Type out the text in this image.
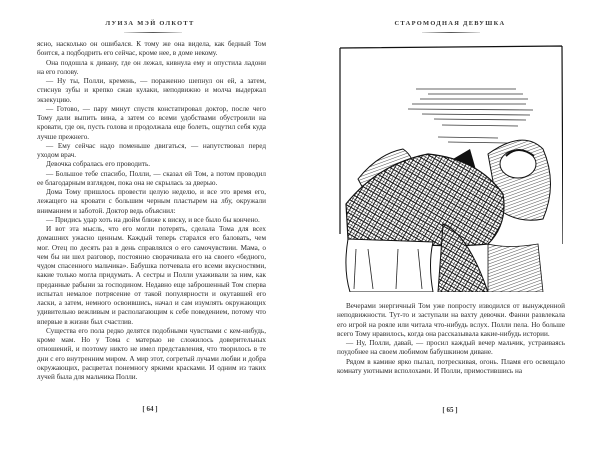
ЛУИЗА МЭЙ ОЛКОТТ

ясно, насколько он ошибался. К тому же она видела, как бедный Том боится, а подбодрить его сейчас, кроме нее, в доме некому.

Она подошла к дивану, где он лежал, кивнула ему и опустила ладони на его голову.

— Ну ты, Полли, кремень, — пораженно шепнул он ей, а затем, стиснув зубы и крепко сжав кулаки, неподвижно и молча выдержал экзекуцию.

— Готово, — пару минут спустя констатировал доктор, после чего Тому дали выпить вина, а затем со всеми удобствами обустроили на кровати, где он, пусть голова и продолжала еще болеть, ощутил себя куда лучше прежнего.

— Ему сейчас надо поменьше двигаться, — напутствовал перед уходом врач.

Девочка собралась его проводить.

— Большое тебе спасибо, Полли, — сказал ей Том, а потом проводил ее благодарным взглядом, пока она не скрылась за дверью.

Дома Тому пришлось провести целую неделю, и все это время его, лежащего на кровати с большим черным пластырем на лбу, окружали вниманием и заботой. Доктор ведь объяснил:

— Придись удар хоть на дюйм ближе к виску, и все было бы кончено.

И вот эта мысль, что его могли потерять, сделала Тома для всех домашних ужасно ценным. Каждый теперь старался его баловать, чем мог. Отец по десять раз в день справлялся о его самочувствии. Мама, о чем бы ни шел разговор, постоянно сворачивала его на своего «бедного, чудом спасенного мальчика». Бабушка потчевала его всеми вкусностями, какие только могла придумать. А сестры и Полли ухаживали за ним, как преданные рабыни за господином. Недавно еще заброшенный Том сперва испытал немалое потрясение от такой популярности и окутавшей его ласки, а затем, немного освоившись, начал и сам изумлять окружающих удивительно вежливым и располагающим к себе поведением, потому что впервые в жизни был счастлив.

Существа его пола редко делятся подобными чувствами с кем-нибудь, кроме мам. Но у Тома с матерью не сложилось доверительных отношений, и поэтому никто не имел представления, что творилось в те дни с его внутренним миром. А мир этот, согретый лучами любви и добра окружающих, расцветал понемногу яркими красками. И одним из таких лучей была для мальчика Полли.

[ 64 ]
СТАРОМОДНАЯ ДЕВУШКА

Вечерами энергичный Том уже попросту изводился от вынужденной неподвижности. Тут-то и заступали на вахту девочки. Фанни развлекала его игрой на рояле или читала что-нибудь вслух. Полли пела. Но больше всего Тому нравилось, когда она рассказывала какие-нибудь истории.

— Ну, Полли, давай, — просил каждый вечер мальчик, устраиваясь поудобнее на своем любимом бабушкином диване.

Рядом в камине ярко пылал, потрескивая, огонь. Пламя его освещало комнату уютными всполохами. И Полли, примостившись на

[ 65 ]
